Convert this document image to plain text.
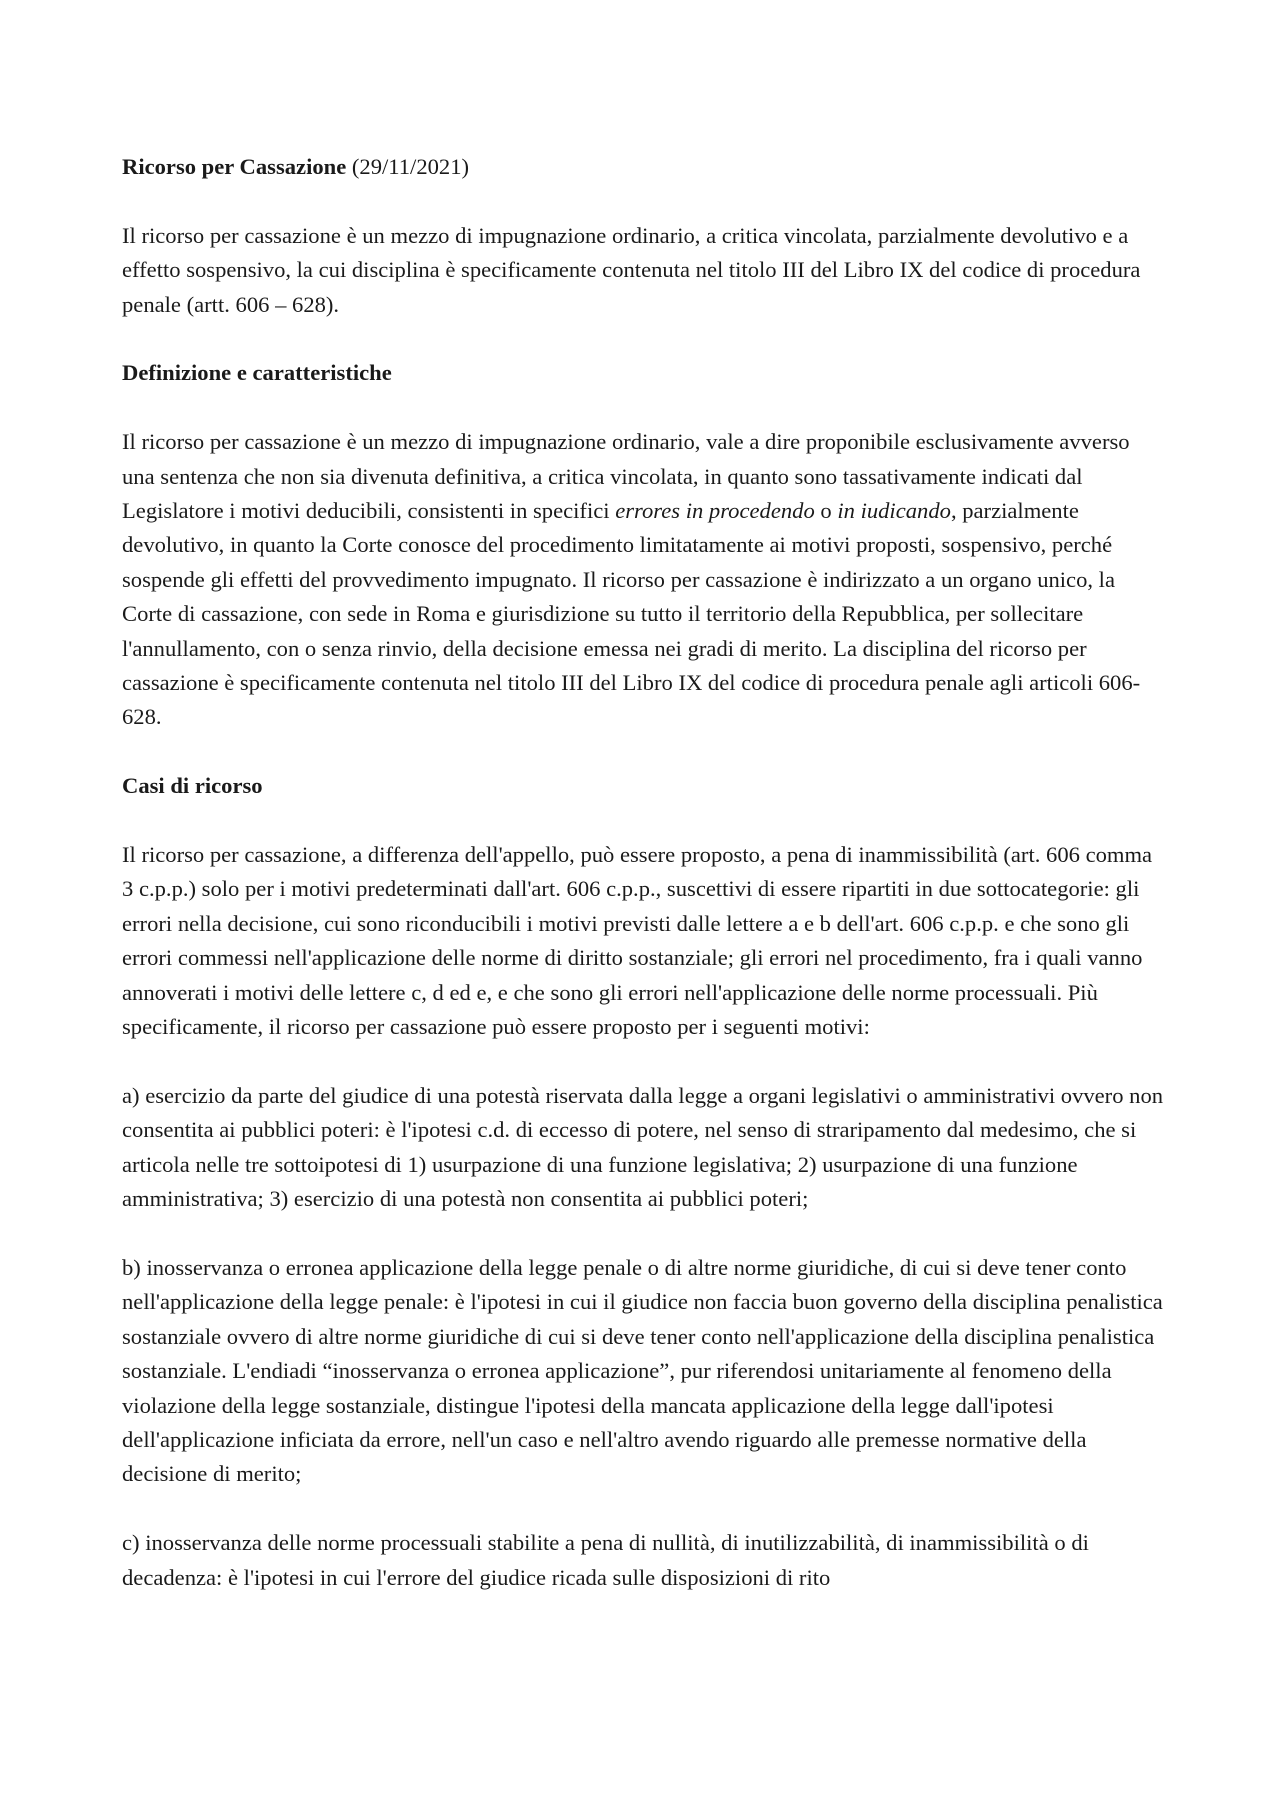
Ricorso per Cassazione (29/11/2021)

Il ricorso per cassazione è un mezzo di impugnazione ordinario, a critica vincolata, parzialmente devolutivo e a effetto sospensivo, la cui disciplina è specificamente contenuta nel titolo III del Libro IX del codice di procedura penale (artt. 606 – 628).

Definizione e caratteristiche

Il ricorso per cassazione è un mezzo di impugnazione ordinario, vale a dire proponibile esclusivamente avverso una sentenza che non sia divenuta definitiva, a critica vincolata, in quanto sono tassativamente indicati dal Legislatore i motivi deducibili, consistenti in specifici errores in procedendo o in iudicando, parzialmente devolutivo, in quanto la Corte conosce del procedimento limitatamente ai motivi proposti, sospensivo, perché sospende gli effetti del provvedimento impugnato. Il ricorso per cassazione è indirizzato a un organo unico, la Corte di cassazione, con sede in Roma e giurisdizione su tutto il territorio della Repubblica, per sollecitare l'annullamento, con o senza rinvio, della decisione emessa nei gradi di merito. La disciplina del ricorso per cassazione è specificamente contenuta nel titolo III del Libro IX del codice di procedura penale agli articoli 606-628.

Casi di ricorso

Il ricorso per cassazione, a differenza dell'appello, può essere proposto, a pena di inammissibilità (art. 606 comma 3 c.p.p.) solo per i motivi predeterminati dall'art. 606 c.p.p., suscettivi di essere ripartiti in due sottocategorie: gli errori nella decisione, cui sono riconducibili i motivi previsti dalle lettere a e b dell'art. 606 c.p.p. e che sono gli errori commessi nell'applicazione delle norme di diritto sostanziale; gli errori nel procedimento, fra i quali vanno annoverati i motivi delle lettere c, d ed e, e che sono gli errori nell'applicazione delle norme processuali. Più specificamente, il ricorso per cassazione può essere proposto per i seguenti motivi:

a) esercizio da parte del giudice di una potestà riservata dalla legge a organi legislativi o amministrativi ovvero non consentita ai pubblici poteri: è l'ipotesi c.d. di eccesso di potere, nel senso di straripamento dal medesimo, che si articola nelle tre sottoipotesi di 1) usurpazione di una funzione legislativa; 2) usurpazione di una funzione amministrativa; 3) esercizio di una potestà non consentita ai pubblici poteri;

b) inosservanza o erronea applicazione della legge penale o di altre norme giuridiche, di cui si deve tener conto nell'applicazione della legge penale: è l'ipotesi in cui il giudice non faccia buon governo della disciplina penalistica sostanziale ovvero di altre norme giuridiche di cui si deve tener conto nell'applicazione della disciplina penalistica sostanziale. L'endiadi “inosservanza o erronea applicazione”, pur riferendosi unitariamente al fenomeno della violazione della legge sostanziale, distingue l'ipotesi della mancata applicazione della legge dall'ipotesi dell'applicazione inficiata da errore, nell'un caso e nell'altro avendo riguardo alle premesse normative della decisione di merito;

c) inosservanza delle norme processuali stabilite a pena di nullità, di inutilizzabilità, di inammissibilità o di decadenza: è l'ipotesi in cui l'errore del giudice ricada sulle disposizioni di rito
